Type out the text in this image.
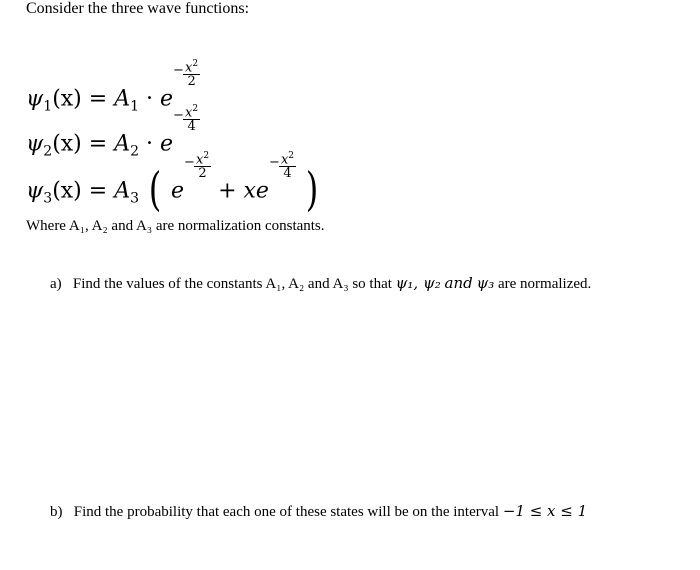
Consider the three wave functions:
$\psi_1(x) = A_1 \cdot e$
− $x^2$
2
$\psi_2(x) = A_2 \cdot e$
− $x^2$
4
$\psi_3(x) = A_3$ ( e
− $x^2$
2
+ xe
− $x^2$
4 )
Where A₁, A₂ and A₃ are normalization constants.
a) Find the values of the constants A₁, A₂ and A₃ so that ψ₁, ψ₂ and ψ₃ are normalized.
b) Find the probability that each one of these states will be on the interval −1 ≤ x ≤ 1
